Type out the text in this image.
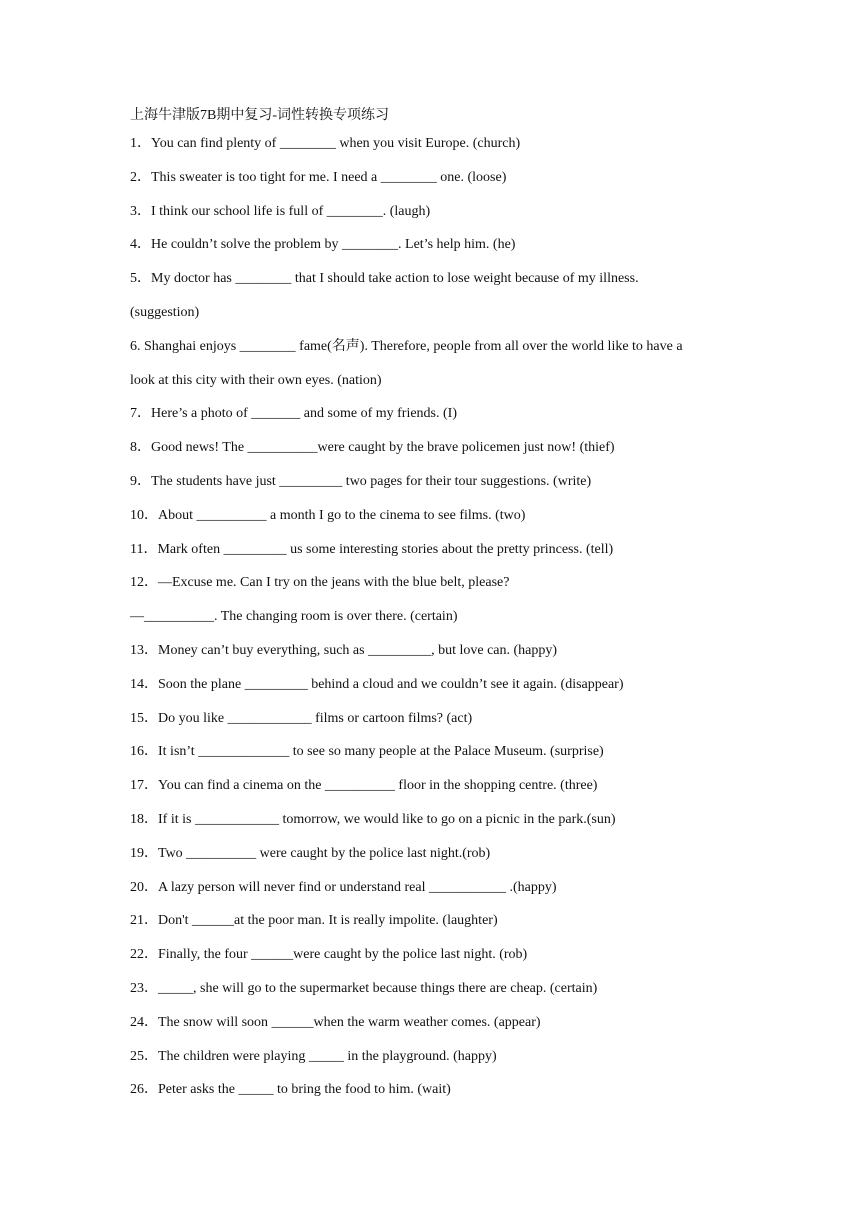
上海牛津版7B期中复习-词性转换专项练习
1．You can find plenty of ________ when you visit Europe. (church)
2．This sweater is too tight for me. I need a ________ one. (loose)
3．I think our school life is full of ________. (laugh)
4．He couldn’t solve the problem by ________. Let’s help him. (he)
5．My doctor has ________ that I should take action to lose weight because of my illness.
(suggestion)
6. Shanghai enjoys ________ fame(名声). Therefore, people from all over the world like to have a
look at this city with their own eyes. (nation)
7．Here’s a photo of _______ and some of my friends. (I)
8．Good news! The __________were caught by the brave policemen just now! (thief)
9．The students have just _________ two pages for their tour suggestions. (write)
10．About __________ a month I go to the cinema to see films. (two)
11．Mark often _________ us some interesting stories about the pretty princess. (tell)
12．—Excuse me. Can I try on the jeans with the blue belt, please?
—__________. The changing room is over there. (certain)
13．Money can’t buy everything, such as _________, but love can. (happy)
14．Soon the plane _________ behind a cloud and we couldn’t see it again. (disappear)
15．Do you like ____________ films or cartoon films? (act)
16．It isn’t _____________ to see so many people at the Palace Museum. (surprise)
17．You can find a cinema on the __________ floor in the shopping centre. (three)
18．If it is ____________ tomorrow, we would like to go on a picnic in the park.(sun)
19．Two __________ were caught by the police last night.(rob)
20．A lazy person will never find or understand real ___________ .(happy)
21．Don't ______at the poor man. It is really impolite. (laughter)
22．Finally, the four ______were caught by the police last night. (rob)
23．_____, she will go to the supermarket because things there are cheap. (certain)
24．The snow will soon ______when the warm weather comes. (appear)
25．The children were playing _____ in the playground. (happy)
26．Peter asks the _____ to bring the food to him. (wait)
